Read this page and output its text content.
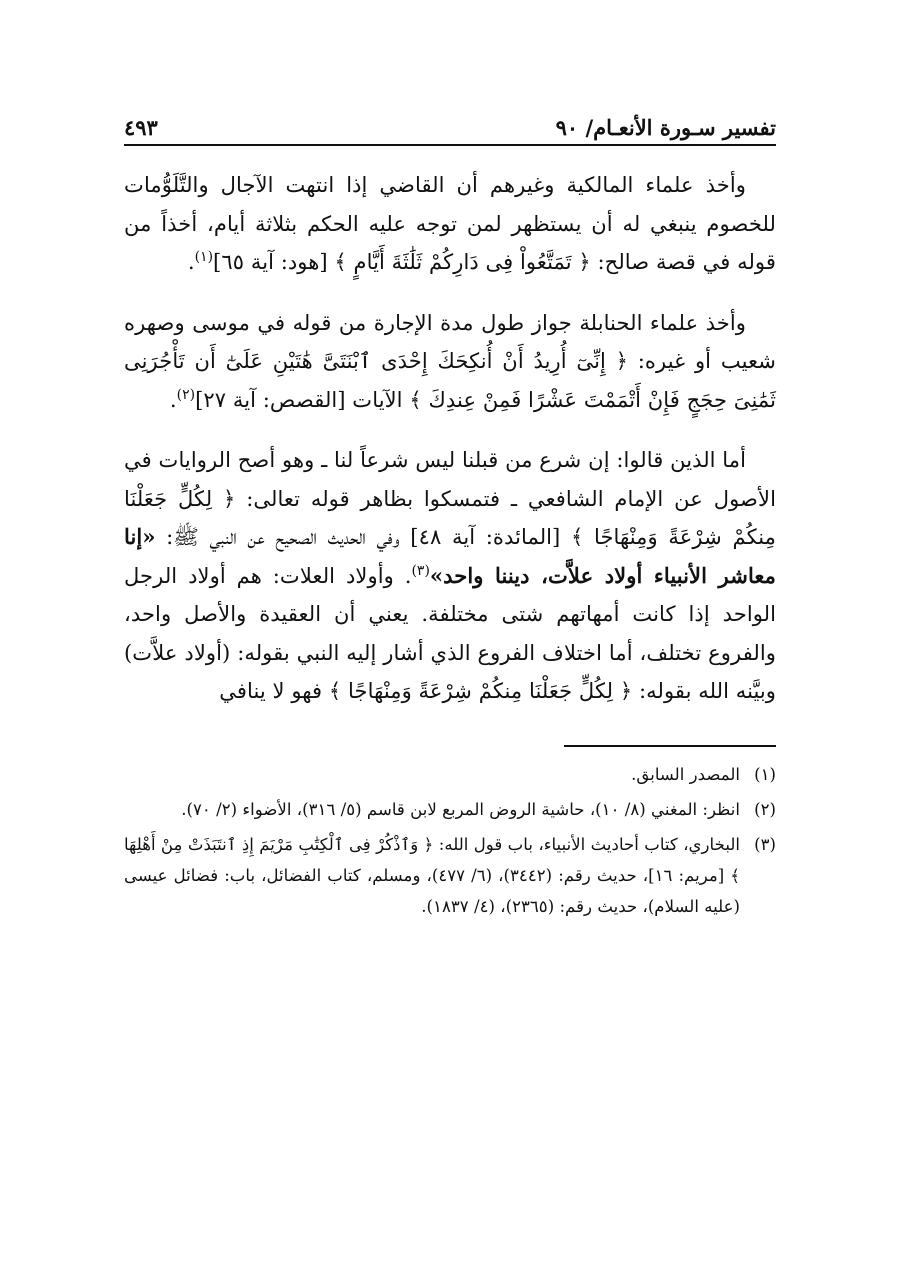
تفسير سـورة الأنعـام/ ٩٠
٤٩٣

وأخذ علماء المالكية وغيرهم أن القاضي إذا انتهت الآجال والتَّلَوُّمات للخصوم ينبغي له أن يستظهر لمن توجه عليه الحكم بثلاثة أيام، أخذاً من قوله في قصة صالح: ﴿ تَمَتَّعُواْ فِى دَارِكُمْ ثَلَٰثَةَ أَيَّامٍ ﴾ [هود: آية ٦٥]$^{(١)}$.

وأخذ علماء الحنابلة جواز طول مدة الإجارة من قوله في موسى وصهره شعيب أو غيره: ﴿ إِنِّىٓ أُرِيدُ أَنْ أُنكِحَكَ إِحْدَى ٱبْنَتَىَّ هَٰتَيْنِ عَلَىٰٓ أَن تَأْجُرَنِى ثَمَٰنِىَ حِجَجٍ فَإِنْ أَتْمَمْتَ عَشْرًا فَمِنْ عِندِكَ ﴾ الآيات [القصص: آية ٢٧]$^{(٢)}$.

أما الذين قالوا: إن شرع من قبلنا ليس شرعاً لنا ـ وهو أصح الروايات في الأصول عن الإمام الشافعي ـ فتمسكوا بظاهر قوله تعالى: ﴿ لِكُلٍّ جَعَلْنَا مِنكُمْ شِرْعَةً وَمِنْهَاجًا ﴾ [المائدة: آية ٤٨] وفي الحديث الصحيح عن النبي ﷺ: «إنا معاشر الأنبياء أولاد علاَّت، ديننا واحد»$^{(٣)}$. وأولاد العلات: هم أولاد الرجل الواحد إذا كانت أمهاتهم شتى مختلفة. يعني أن العقيدة والأصل واحد، والفروع تختلف، أما اختلاف الفروع الذي أشار إليه النبي بقوله: (أولاد علاَّت) وبيَّنه الله بقوله: ﴿ لِكُلٍّ جَعَلْنَا مِنكُمْ شِرْعَةً وَمِنْهَاجًا ﴾ فهو لا ينافي

(١)
المصدر السابق.
(٢)
انظر: المغني (٨/ ١٠)، حاشية الروض المربع لابن قاسم (٥/ ٣١٦)، الأضواء (٢/ ٧٠).
(٣)
البخاري، كتاب أحاديث الأنبياء، باب قول الله: ﴿ وَٱذْكُرْ فِى ٱلْكِتَٰبِ مَرْيَمَ إِذِ ٱنتَبَذَتْ مِنْ أَهْلِهَا ﴾ [مريم: ١٦]، حديث رقم: (٣٤٤٢)، (٦/ ٤٧٧)، ومسلم، كتاب الفضائل، باب: فضائل عيسى (عليه السلام)، حديث رقم: (٢٣٦٥)، (٤/ ١٨٣٧).
